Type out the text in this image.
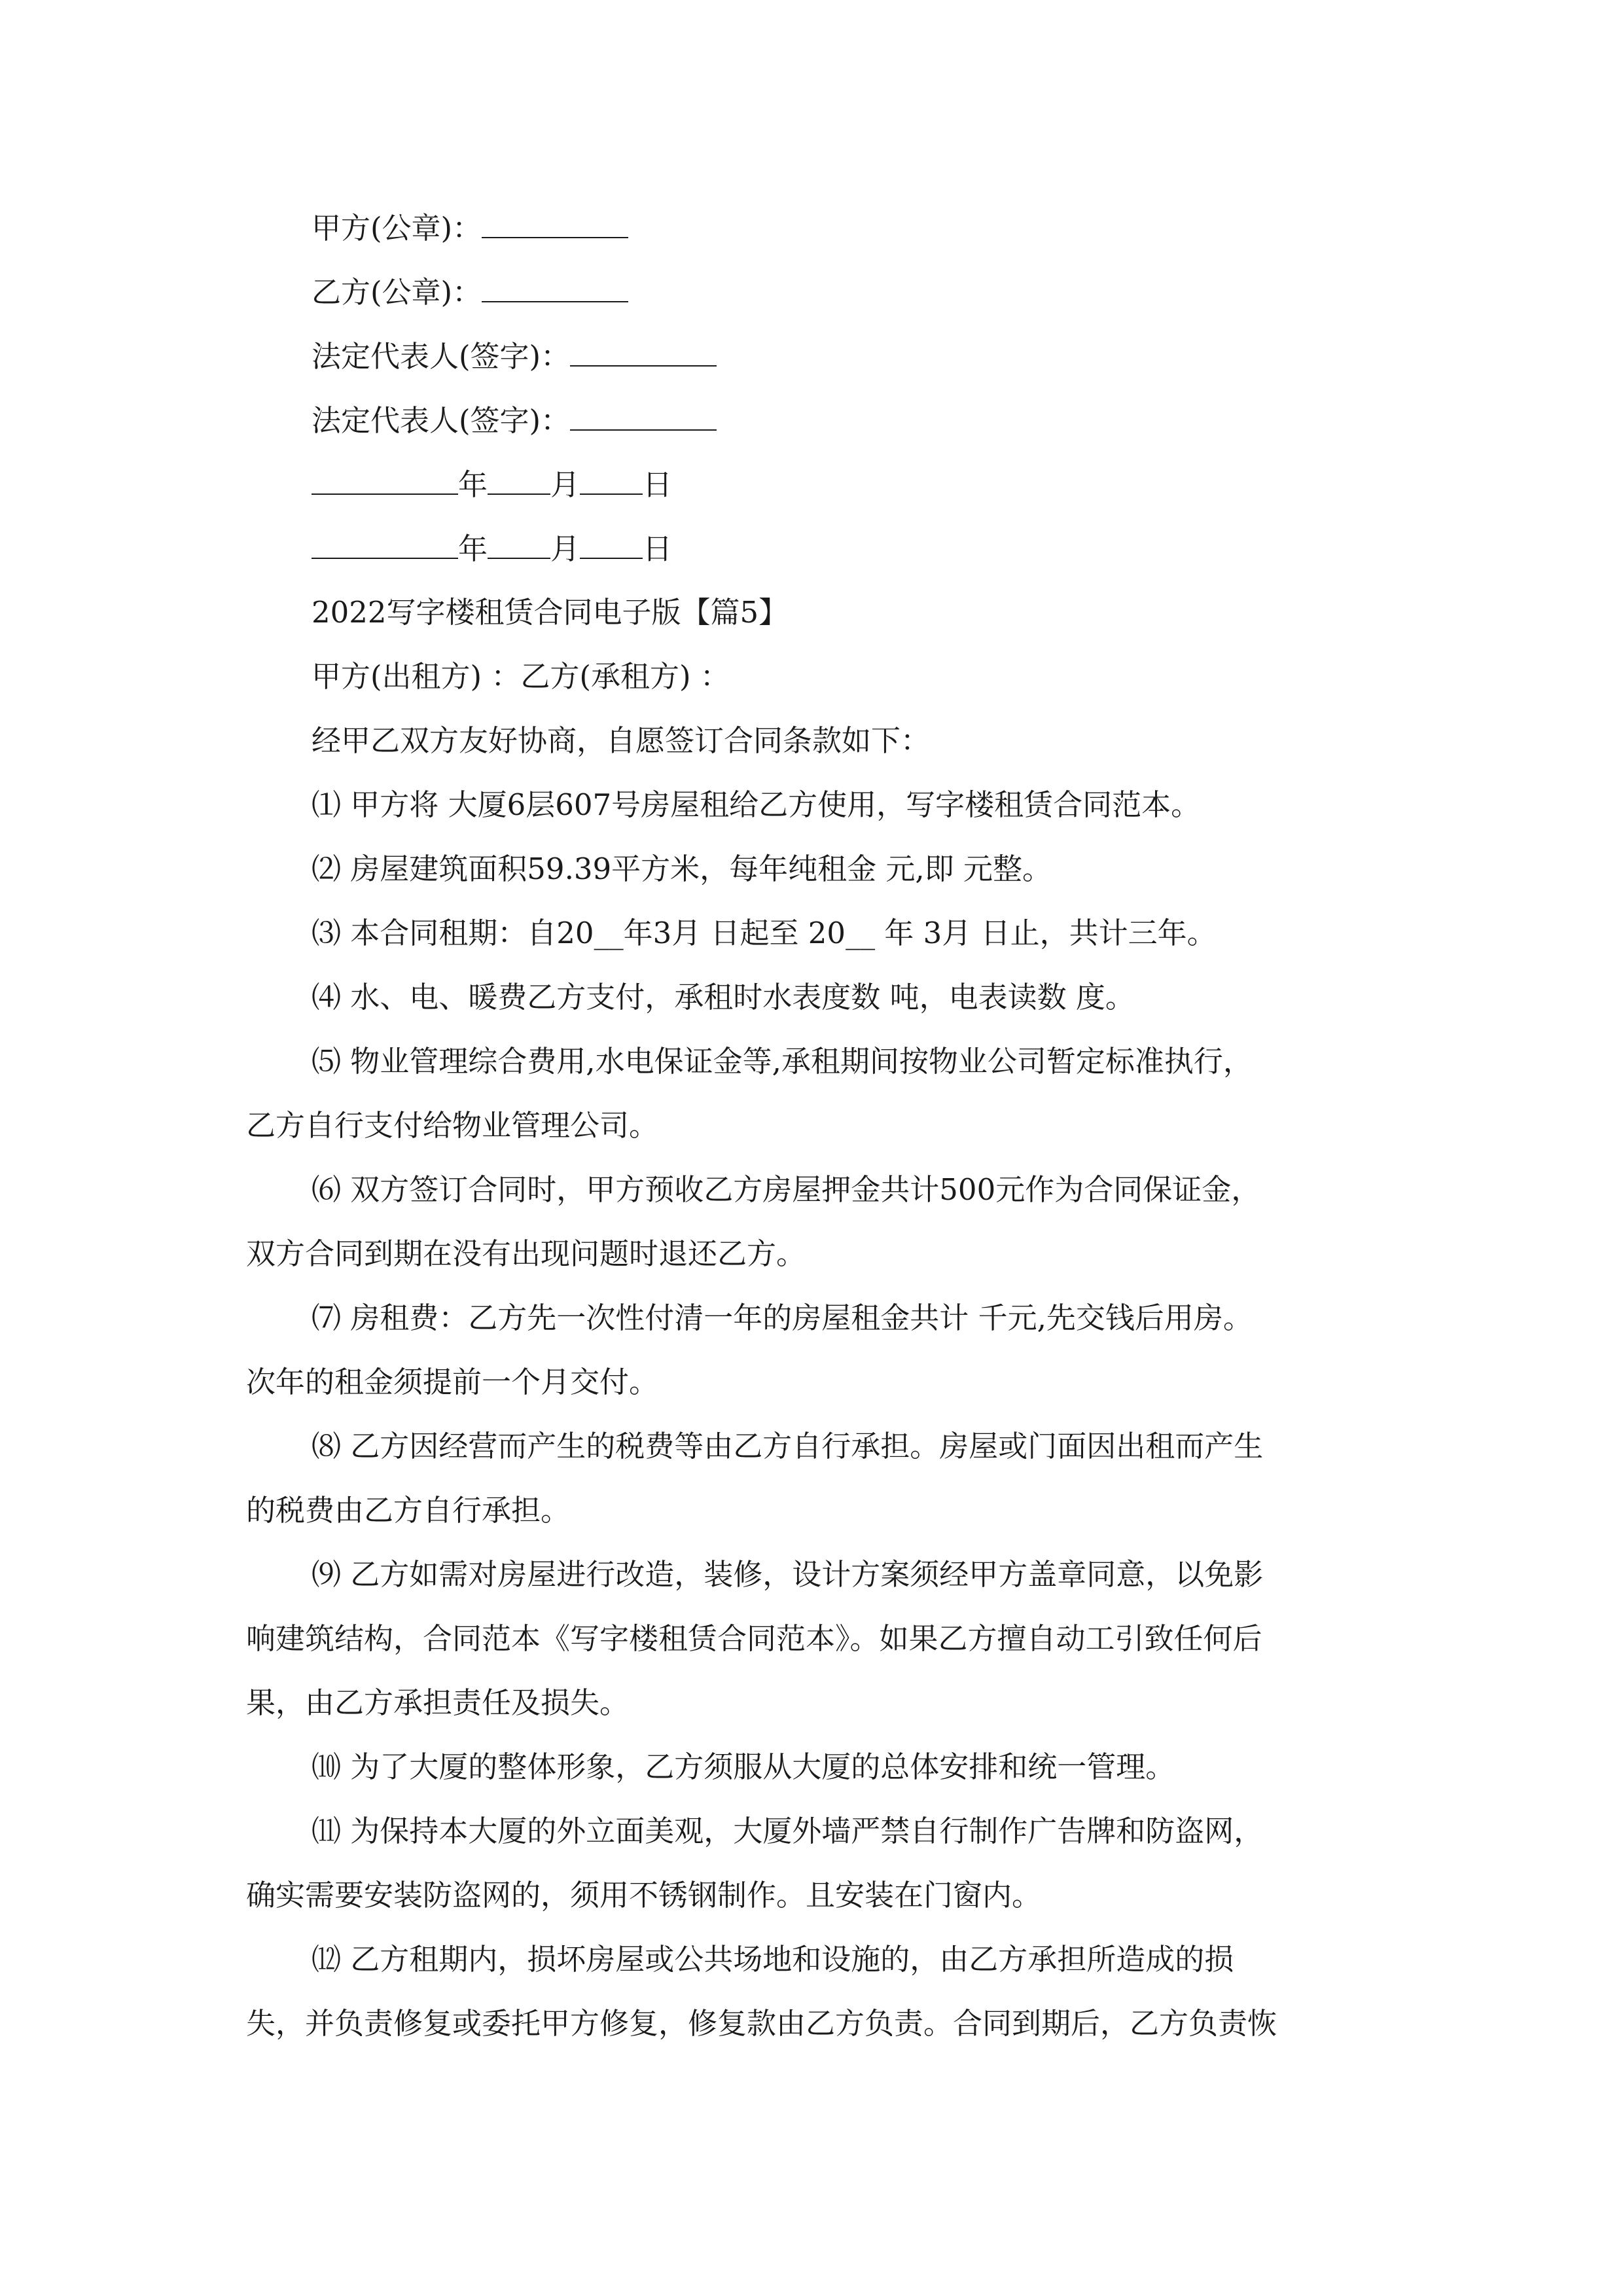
甲方(公章)：
乙方(公章)：
法定代表人(签字)：
法定代表人(签字)：
年 月 日
年 月 日
2022写字楼租赁合同电子版【篇5】
甲方(出租方) ：乙方(承租方) ：
经甲乙双方友好协商，自愿签订合同条款如下：
⑴ 甲方将 大厦6层607号房屋租给乙方使用，写字楼租赁合同范本。
⑵ 房屋建筑面积59.39平方米，每年纯租金 元,即 元整。
⑶ 本合同租期：自20__年3月 日起至 20__ 年 3月 日止，共计三年。
⑷ 水、电、暖费乙方支付，承租时水表度数 吨，电表读数 度。
⑸ 物业管理综合费用,水电保证金等,承租期间按物业公司暂定标准执行，
乙方自行支付给物业管理公司。
⑹ 双方签订合同时，甲方预收乙方房屋押金共计500元作为合同保证金，
双方合同到期在没有出现问题时退还乙方。
⑺ 房租费：乙方先一次性付清一年的房屋租金共计 千元,先交钱后用房。
次年的租金须提前一个月交付。
⑻ 乙方因经营而产生的税费等由乙方自行承担。房屋或门面因出租而产生
的税费由乙方自行承担。
⑼ 乙方如需对房屋进行改造，装修，设计方案须经甲方盖章同意，以免影
响建筑结构，合同范本《写字楼租赁合同范本》。如果乙方擅自动工引致任何后
果，由乙方承担责任及损失。
⑽ 为了大厦的整体形象，乙方须服从大厦的总体安排和统一管理。
⑾ 为保持本大厦的外立面美观，大厦外墙严禁自行制作广告牌和防盗网，
确实需要安装防盗网的，须用不锈钢制作。且安装在门窗内。
⑿ 乙方租期内，损坏房屋或公共场地和设施的，由乙方承担所造成的损
失，并负责修复或委托甲方修复，修复款由乙方负责。合同到期后，乙方负责恢
